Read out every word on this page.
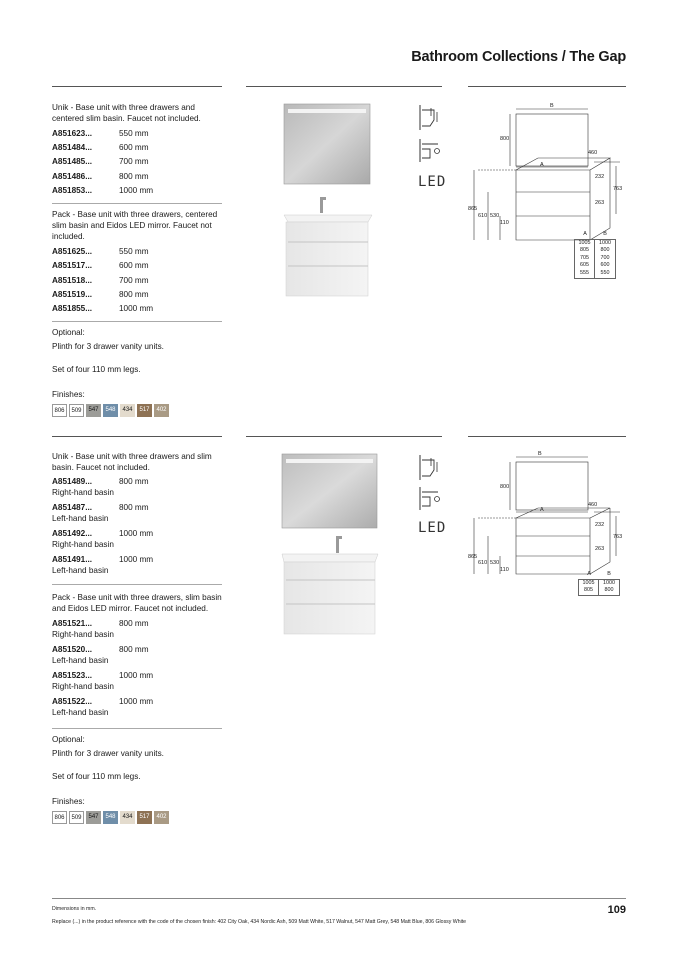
Bathroom Collections / The Gap
Unik - Base unit with three drawers and centered slim basin. Faucet not included.
A851623...	550 mm
A851484...	600 mm
A851485...	700 mm
A851486...	800 mm
A851853...	1000 mm
Pack - Base unit with three drawers, centered slim basin and Eidos LED mirror. Faucet not included.
A851625...	550 mm
A851517...	600 mm
A851518...	700 mm
A851519...	800 mm
A851855...	1000 mm
Optional:
Plinth for 3 drawer vanity units.
Set of four 110 mm legs.
Finishes:
806	509	547	548	434	517	402
LED
B
800
A
460
232
763
263
865
610 530
110
A	B
1005 1000
805 800
705 700
605 600
555 550
Unik - Base unit with three drawers and slim basin. Faucet not included.
A851489...	800 mm
Right-hand basin
A851487...	800 mm
Left-hand basin
A851492...	1000 mm
Right-hand basin
A851491...	1000 mm
Left-hand basin
Pack - Base unit with three drawers, slim basin and Eidos LED mirror. Faucet not included.
A851521...	800 mm
Right-hand basin
A851520...	800 mm
Left-hand basin
A851523...	1000 mm
Right-hand basin
A851522...	1000 mm
Left-hand basin
Optional:
Plinth for 3 drawer vanity units.
Set of four 110 mm legs.
Finishes:
806	509	547	548	434	517	402
LED
B
800
A
460
232
763
263
865
610 530
110
A	B
1005 1000
805 800
Dimensions in mm.
Replace (...) in the product reference with the code of the chosen finish: 402 City Oak, 434 Nordic Ash, 509 Matt White, 517 Walnut, 547 Matt Grey, 548 Matt Blue, 806 Glossy White
109
